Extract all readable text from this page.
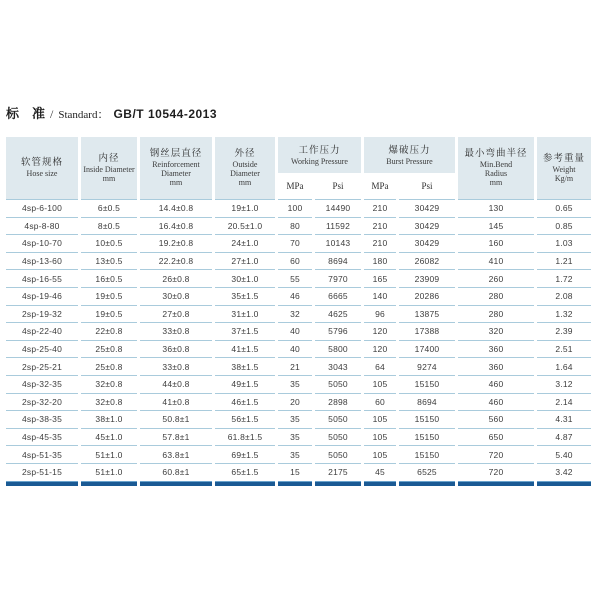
标　准 / Standard： GB/T 10544-2013
软管规格
Hose size
内径
Inside Diameter
mm
钢丝层直径
Reinforcement Diameter
mm
外径
Outside Diameter
mm
工作压力
Working Pressure
MPa	Psi
爆破压力
Burst Pressure
MPa	Psi
最小弯曲半径
Min.Bend Radius
mm
参考重量
Weight
Kg/m
4sp-6-100	6±0.5	14.4±0.8	19±1.0	100	14490	210	30429	130	0.65
4sp-8-80	8±0.5	16.4±0.8	20.5±1.0	80	11592	210	30429	145	0.85
4sp-10-70	10±0.5	19.2±0.8	24±1.0	70	10143	210	30429	160	1.03
4sp-13-60	13±0.5	22.2±0.8	27±1.0	60	8694	180	26082	410	1.21
4sp-16-55	16±0.5	26±0.8	30±1.0	55	7970	165	23909	260	1.72
4sp-19-46	19±0.5	30±0.8	35±1.5	46	6665	140	20286	280	2.08
2sp-19-32	19±0.5	27±0.8	31±1.0	32	4625	96	13875	280	1.32
4sp-22-40	22±0.8	33±0.8	37±1.5	40	5796	120	17388	320	2.39
4sp-25-40	25±0.8	36±0.8	41±1.5	40	5800	120	17400	360	2.51
2sp-25-21	25±0.8	33±0.8	38±1.5	21	3043	64	9274	360	1.64
4sp-32-35	32±0.8	44±0.8	49±1.5	35	5050	105	15150	460	3.12
2sp-32-20	32±0.8	41±0.8	46±1.5	20	2898	60	8694	460	2.14
4sp-38-35	38±1.0	50.8±1	56±1.5	35	5050	105	15150	560	4.31
4sp-45-35	45±1.0	57.8±1	61.8±1.5	35	5050	105	15150	650	4.87
4sp-51-35	51±1.0	63.8±1	69±1.5	35	5050	105	15150	720	5.40
2sp-51-15	51±1.0	60.8±1	65±1.5	15	2175	45	6525	720	3.42
